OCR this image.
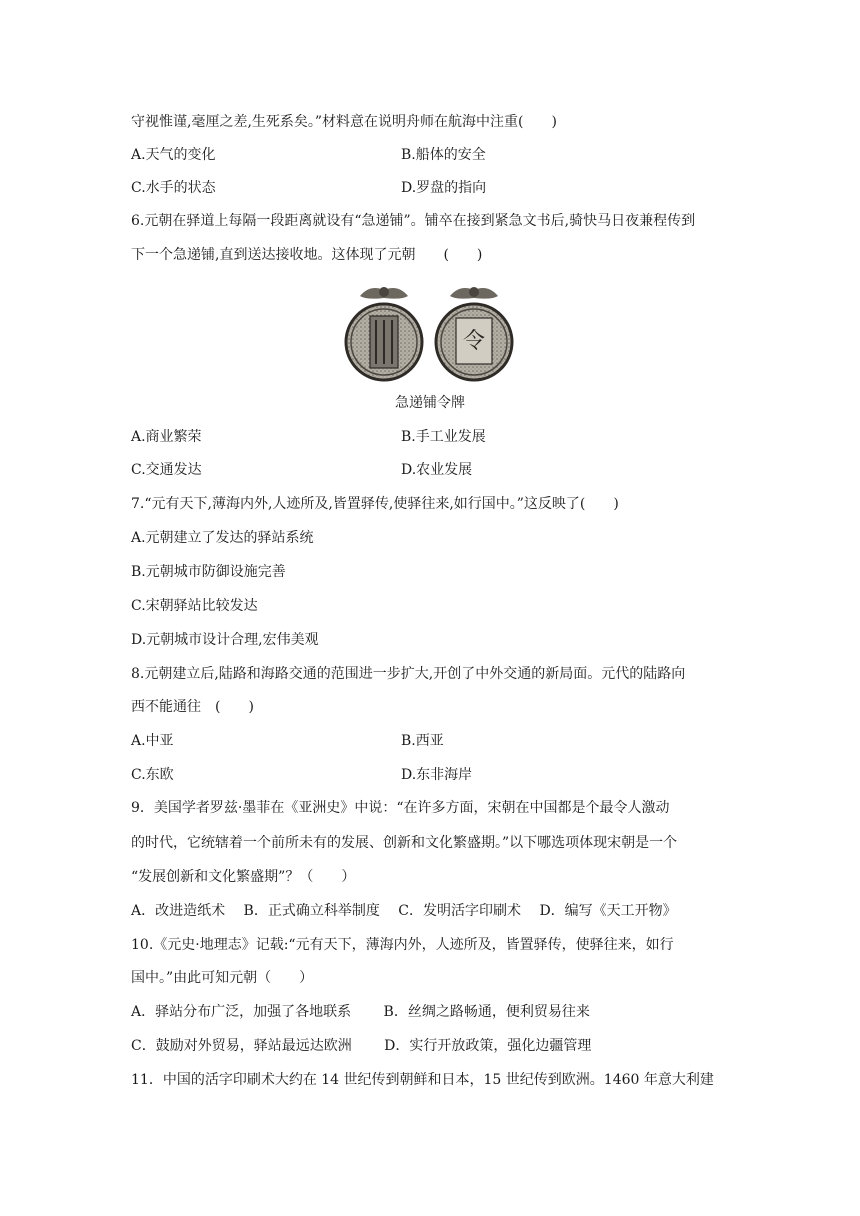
守视惟谨,毫厘之差,生死系矣。”材料意在说明舟师在航海中注重(　　)
A.天气的变化	B.船体的安全
C.水手的状态	D.罗盘的指向
6.元朝在驿道上每隔一段距离就设有“急递铺”。铺卒在接到紧急文书后,骑快马日夜兼程传到
下一个急递铺,直到送达接收地。这体现了元朝　　(　　)
令
急递铺令牌
A.商业繁荣	B.手工业发展
C.交通发达	D.农业发展
7.“元有天下,薄海内外,人迹所及,皆置驿传,使驿往来,如行国中。”这反映了(　　)
A.元朝建立了发达的驿站系统
B.元朝城市防御设施完善
C.宋朝驿站比较发达
D.元朝城市设计合理,宏伟美观
8.元朝建立后,陆路和海路交通的范围进一步扩大,开创了中外交通的新局面。元代的陆路向
西不能通往　(　　)
A.中亚	B.西亚
C.东欧	D.东非海岸
9．美国学者罗兹·墨菲在《亚洲史》中说：“在许多方面，宋朝在中国都是个最令人激动
的时代，它统辖着一个前所未有的发展、创新和文化繁盛期。”以下哪选项体现宋朝是一个
“发展创新和文化繁盛期”？（　　）
A．改进造纸术　 B．正式确立科举制度　 C．发明活字印刷术　 D．编写《天工开物》
10.《元史·地理志》记载:“元有天下，薄海内外，人迹所及，皆置驿传，使驿往来，如行
国中。”由此可知元朝（　　）
A．驿站分布广泛，加强了各地联系　　 B．丝绸之路畅通，便利贸易往来
C．鼓励对外贸易，驿站最远达欧洲　　 D．实行开放政策，强化边疆管理
11．中国的活字印刷术大约在 14 世纪传到朝鲜和日本，15 世纪传到欧洲。1460 年意大利建
